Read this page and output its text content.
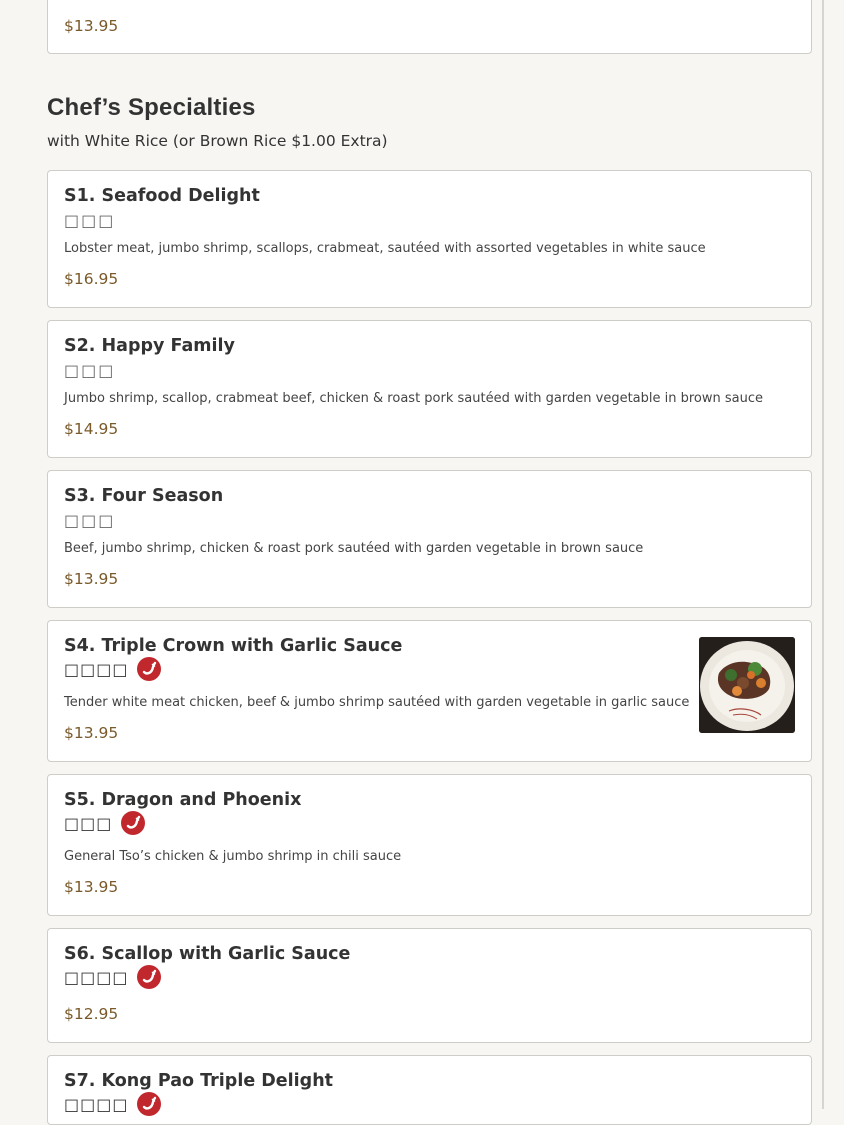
$13.95
Chef’s Specialties
with White Rice (or Brown Rice $1.00 Extra)
S1. Seafood Delight
□□□
Lobster meat, jumbo shrimp, scallops, crabmeat, sautéed with assorted vegetables in white sauce
$16.95
S2. Happy Family
□□□
Jumbo shrimp, scallop, crabmeat beef, chicken & roast pork sautéed with garden vegetable in brown sauce
$14.95
S3. Four Season
□□□
Beef, jumbo shrimp, chicken & roast pork sautéed with garden vegetable in brown sauce
$13.95
S4. Triple Crown with Garlic Sauce
□□□□
Tender white meat chicken, beef & jumbo shrimp sautéed with garden vegetable in garlic sauce
$13.95
S5. Dragon and Phoenix
□□□
General Tso’s chicken & jumbo shrimp in chili sauce
$13.95
S6. Scallop with Garlic Sauce
□□□□
$12.95
S7. Kong Pao Triple Delight
□□□□
